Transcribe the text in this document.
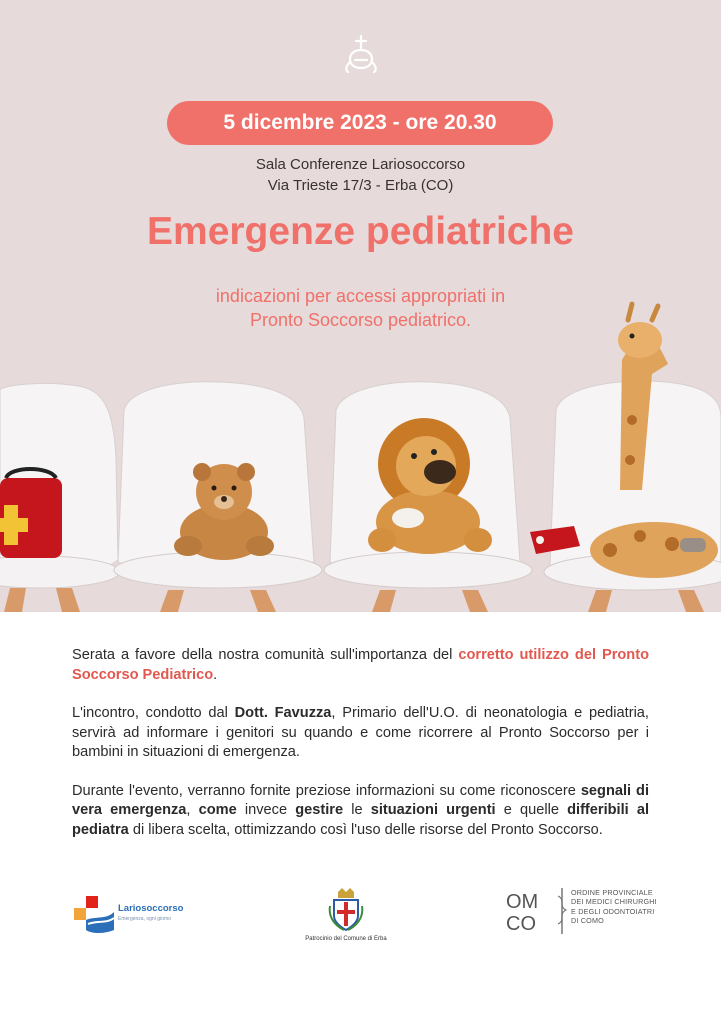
5 dicembre 2023 - ore 20.30
Sala Conferenze Lariosoccorso
Via Trieste 17/3 - Erba (CO)
Emergenze pediatriche
indicazioni per accessi appropriati in
Pronto Soccorso pediatrico.

Serata a favore della nostra comunità sull'importanza del corretto utilizzo del Pronto Soccorso Pediatrico.

L'incontro, condotto dal Dott. Favuzza, Primario dell'U.O. di neonatologia e pediatria, servirà ad informare i genitori su quando e come ricorrere al Pronto Soccorso per i bambini in situazioni di emergenza.

Durante l'evento, verranno fornite preziose informazioni su come riconoscere segnali di vera emergenza, come invece gestire le situazioni urgenti e quelle differibili al pediatra di libera scelta, ottimizzando così l'uso delle risorse del Pronto Soccorso.

Lariosoccorso
Emergenza, ogni giorno
Patrocinio del Comune di Erba
OM
CO
ORDINE PROVINCIALE
DEI MEDICI CHIRURGHI
E DEGLI ODONTOIATRI
DI COMO
